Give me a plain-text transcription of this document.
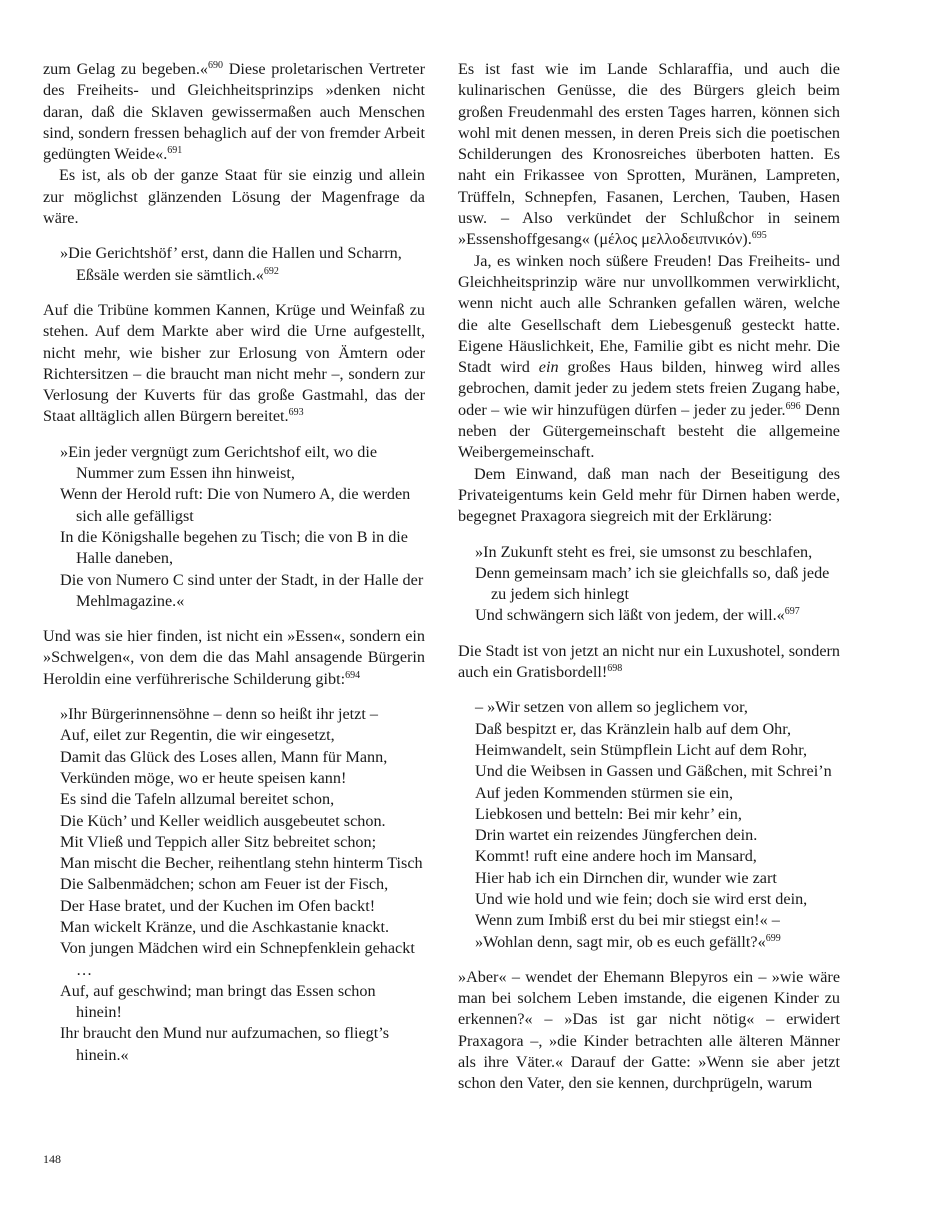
zum Gelag zu begeben.«$^{690}$ Diese proletarischen Vertreter des Freiheits- und Gleichheitsprinzips »denken nicht daran, daß die Sklaven gewissermaßen auch Menschen sind, sondern fressen behaglich auf der von fremder Arbeit gedüngten Weide«.$^{691}$

Es ist, als ob der ganze Staat für sie einzig und allein zur möglichst glänzenden Lösung der Magenfrage da wäre.

»Die Gerichtshöf’ erst, dann die Hallen und Scharrn, Eßsäle werden sie sämtlich.«$^{692}$

Auf die Tribüne kommen Kannen, Krüge und Weinfaß zu stehen. Auf dem Markte aber wird die Urne aufgestellt, nicht mehr, wie bisher zur Erlosung von Ämtern oder Richtersitzen – die braucht man nicht mehr –, sondern zur Verlosung der Kuverts für das große Gastmahl, das der Staat alltäglich allen Bürgern bereitet.$^{693}$

»Ein jeder vergnügt zum Gerichtshof eilt, wo die Nummer zum Essen ihn hinweist,
Wenn der Herold ruft: Die von Numero A, die werden sich alle gefälligst
In die Königshalle begehen zu Tisch; die von B in die Halle daneben,
Die von Numero C sind unter der Stadt, in der Halle der Mehlmagazine.«

Und was sie hier finden, ist nicht ein »Essen«, sondern ein »Schwelgen«, von dem die das Mahl ansagende Bürgerin Heroldin eine verführerische Schilderung gibt:$^{694}$

»Ihr Bürgerinnensöhne – denn so heißt ihr jetzt –
Auf, eilet zur Regentin, die wir eingesetzt,
Damit das Glück des Loses allen, Mann für Mann,
Verkünden möge, wo er heute speisen kann!
Es sind die Tafeln allzumal bereitet schon,
Die Küch’ und Keller weidlich ausgebeutet schon.
Mit Vließ und Teppich aller Sitz bebreitet schon;
Man mischt die Becher, reihentlang stehn hinterm Tisch
Die Salbenmädchen; schon am Feuer ist der Fisch,
Der Hase bratet, und der Kuchen im Ofen backt!
Man wickelt Kränze, und die Aschkastanie knackt.
Von jungen Mädchen wird ein Schnepfenklein gehackt …
Auf, auf geschwind; man bringt das Essen schon hinein!
Ihr braucht den Mund nur aufzumachen, so fliegt’s hinein.«

Es ist fast wie im Lande Schlaraffia, und auch die kulinarischen Genüsse, die des Bürgers gleich beim großen Freudenmahl des ersten Tages harren, können sich wohl mit denen messen, in deren Preis sich die poetischen Schilderungen des Kronosreiches überboten hatten. Es naht ein Frikassee von Sprotten, Muränen, Lampreten, Trüffeln, Schnepfen, Fasanen, Lerchen, Tauben, Hasen usw. – Also verkündet der Schlußchor in seinem »Essenshoffgesang« (μέλος μελλοδειπνικόν).$^{695}$

Ja, es winken noch süßere Freuden! Das Freiheits- und Gleichheitsprinzip wäre nur unvollkommen verwirklicht, wenn nicht auch alle Schranken gefallen wären, welche die alte Gesellschaft dem Liebesgenuß gesteckt hatte. Eigene Häuslichkeit, Ehe, Familie gibt es nicht mehr. Die Stadt wird ein großes Haus bilden, hinweg wird alles gebrochen, damit jeder zu jedem stets freien Zugang habe, oder – wie wir hinzufügen dürfen – jeder zu jeder.$^{696}$ Denn neben der Gütergemeinschaft besteht die allgemeine Weibergemeinschaft.

Dem Einwand, daß man nach der Beseitigung des Privateigentums kein Geld mehr für Dirnen haben werde, begegnet Praxagora siegreich mit der Erklärung:

»In Zukunft steht es frei, sie umsonst zu beschlafen,
Denn gemeinsam mach’ ich sie gleichfalls so, daß jede zu jedem sich hinlegt
Und schwängern sich läßt von jedem, der will.«$^{697}$

Die Stadt ist von jetzt an nicht nur ein Luxushotel, sondern auch ein Gratisbordell!$^{698}$

– »Wir setzen von allem so jeglichem vor,
Daß bespitzt er, das Kränzlein halb auf dem Ohr,
Heimwandelt, sein Stümpflein Licht auf dem Rohr,
Und die Weibsen in Gassen und Gäßchen, mit Schrei’n
Auf jeden Kommenden stürmen sie ein,
Liebkosen und betteln: Bei mir kehr’ ein,
Drin wartet ein reizendes Jüngferchen dein.
Kommt! ruft eine andere hoch im Mansard,
Hier hab ich ein Dirnchen dir, wunder wie zart
Und wie hold und wie fein; doch sie wird erst dein,
Wenn zum Imbiß erst du bei mir stiegst ein!« –
»Wohlan denn, sagt mir, ob es euch gefällt?«$^{699}$

»Aber« – wendet der Ehemann Blepyros ein – »wie wäre man bei solchem Leben imstande, die eigenen Kinder zu erkennen?« – »Das ist gar nicht nötig« – erwidert Praxagora –, »die Kinder betrachten alle älteren Männer als ihre Väter.« Darauf der Gatte: »Wenn sie aber jetzt schon den Vater, den sie kennen, durchprügeln, warum

148
